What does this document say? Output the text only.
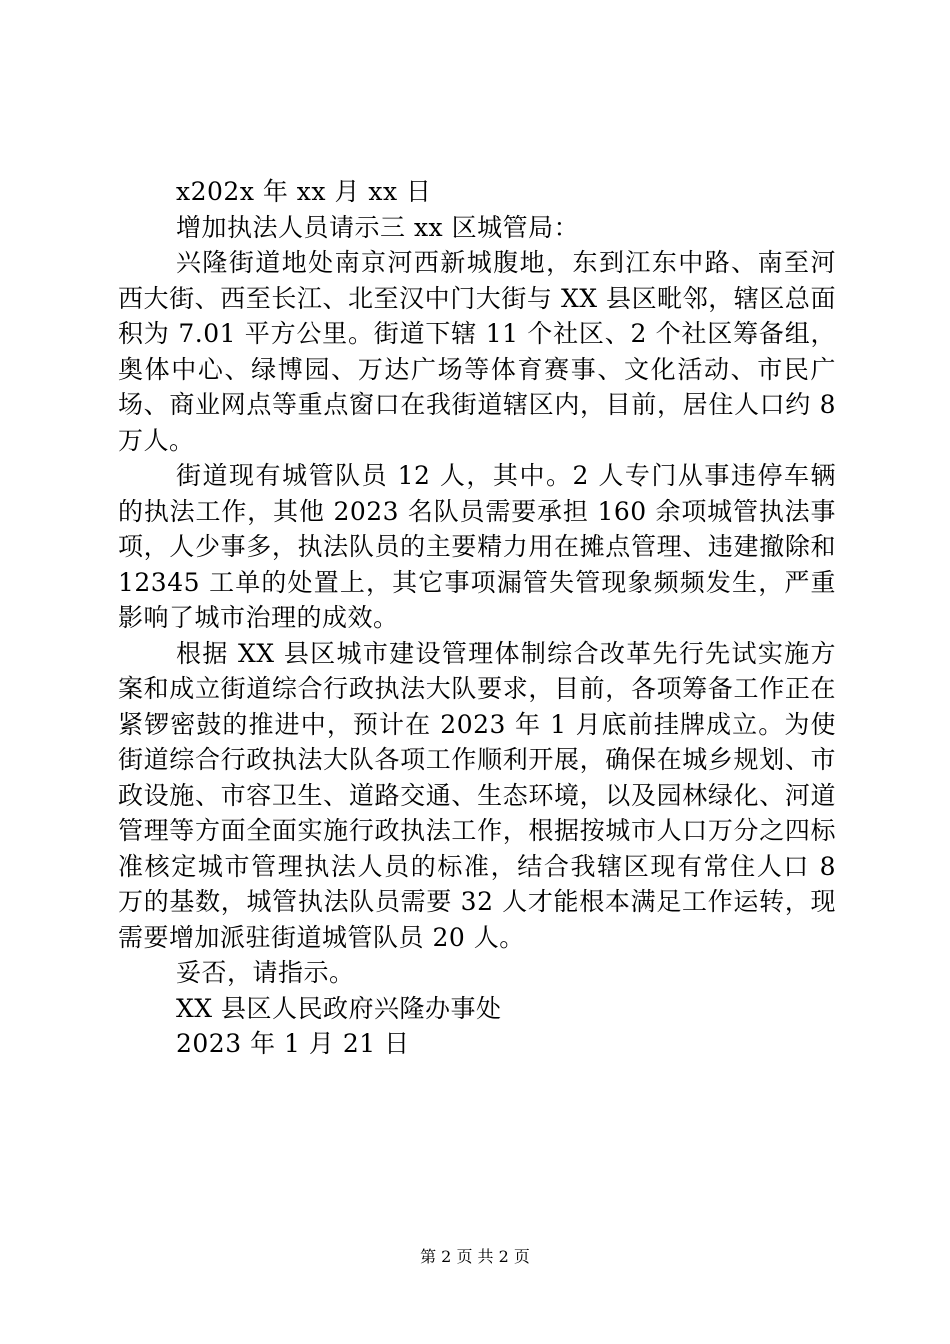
x202x 年 xx 月 xx 日

增加执法人员请示三 xx 区城管局：

兴隆街道地处南京河西新城腹地，东到江东中路、南至河西大街、西至长江、北至汉中门大街与 XX 县区毗邻，辖区总面积为 7.01 平方公里。街道下辖 11 个社区、2 个社区筹备组，奥体中心、绿博园、万达广场等体育赛事、文化活动、市民广场、商业网点等重点窗口在我街道辖区内，目前，居住人口约 8 万人。

街道现有城管队员 12 人，其中。2 人专门从事违停车辆的执法工作，其他 2023 名队员需要承担 160 余项城管执法事项，人少事多，执法队员的主要精力用在摊点管理、违建撤除和 12345 工单的处置上，其它事项漏管失管现象频频发生，严重影响了城市治理的成效。

根据 XX 县区城市建设管理体制综合改革先行先试实施方案和成立街道综合行政执法大队要求，目前，各项筹备工作正在紧锣密鼓的推进中，预计在 2023 年 1 月底前挂牌成立。为使街道综合行政执法大队各项工作顺利开展，确保在城乡规划、市政设施、市容卫生、道路交通、生态环境，以及园林绿化、河道管理等方面全面实施行政执法工作，根据按城市人口万分之四标准核定城市管理执法人员的标准，结合我辖区现有常住人口 8 万的基数，城管执法队员需要 32 人才能根本满足工作运转，现需要增加派驻街道城管队员 20 人。

妥否，请指示。

XX 县区人民政府兴隆办事处

2023 年 1 月 21 日

第 2 页 共 2 页
